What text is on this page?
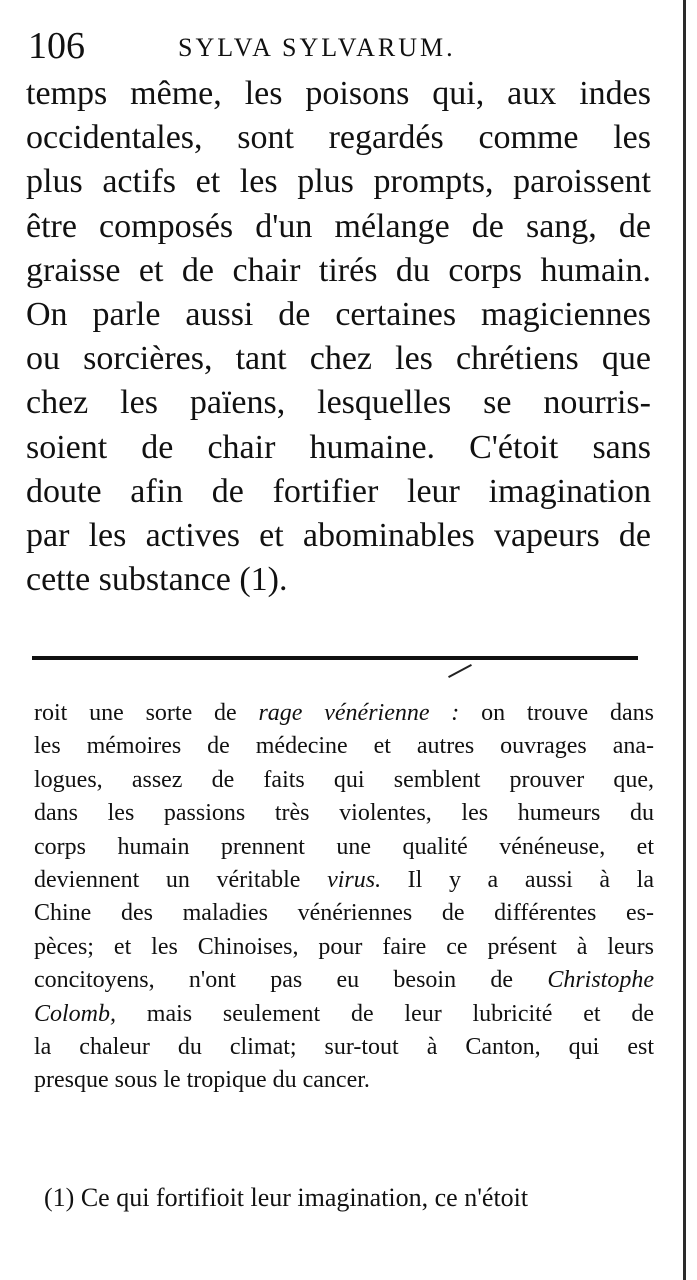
106	SYLVA SYLVARUM.
temps même, les poisons qui, aux indes
occidentales, sont regardés comme les
plus actifs et les plus prompts, paroissent
être composés d'un mélange de sang, de
graisse et de chair tirés du corps humain.
On parle aussi de certaines magiciennes
ou sorcières, tant chez les chrétiens que
chez les païens, lesquelles se nourris-
soient de chair humaine. C'étoit sans
doute afin de fortifier leur imagination
par les actives et abominables vapeurs de
cette substance (1).
roit une sorte de rage vénérienne : on trouve dans
les mémoires de médecine et autres ouvrages ana-
logues, assez de faits qui semblent prouver que,
dans les passions très violentes, les humeurs du
corps humain prennent une qualité vénéneuse, et
deviennent un véritable virus. Il y a aussi à la
Chine des maladies vénériennes de différentes es-
pèces; et les Chinoises, pour faire ce présent à leurs
concitoyens, n'ont pas eu besoin de Christophe
Colomb, mais seulement de leur lubricité et de
la chaleur du climat; sur-tout à Canton, qui est
presque sous le tropique du cancer.
(1) Ce qui fortifioit leur imagination, ce n'étoit
